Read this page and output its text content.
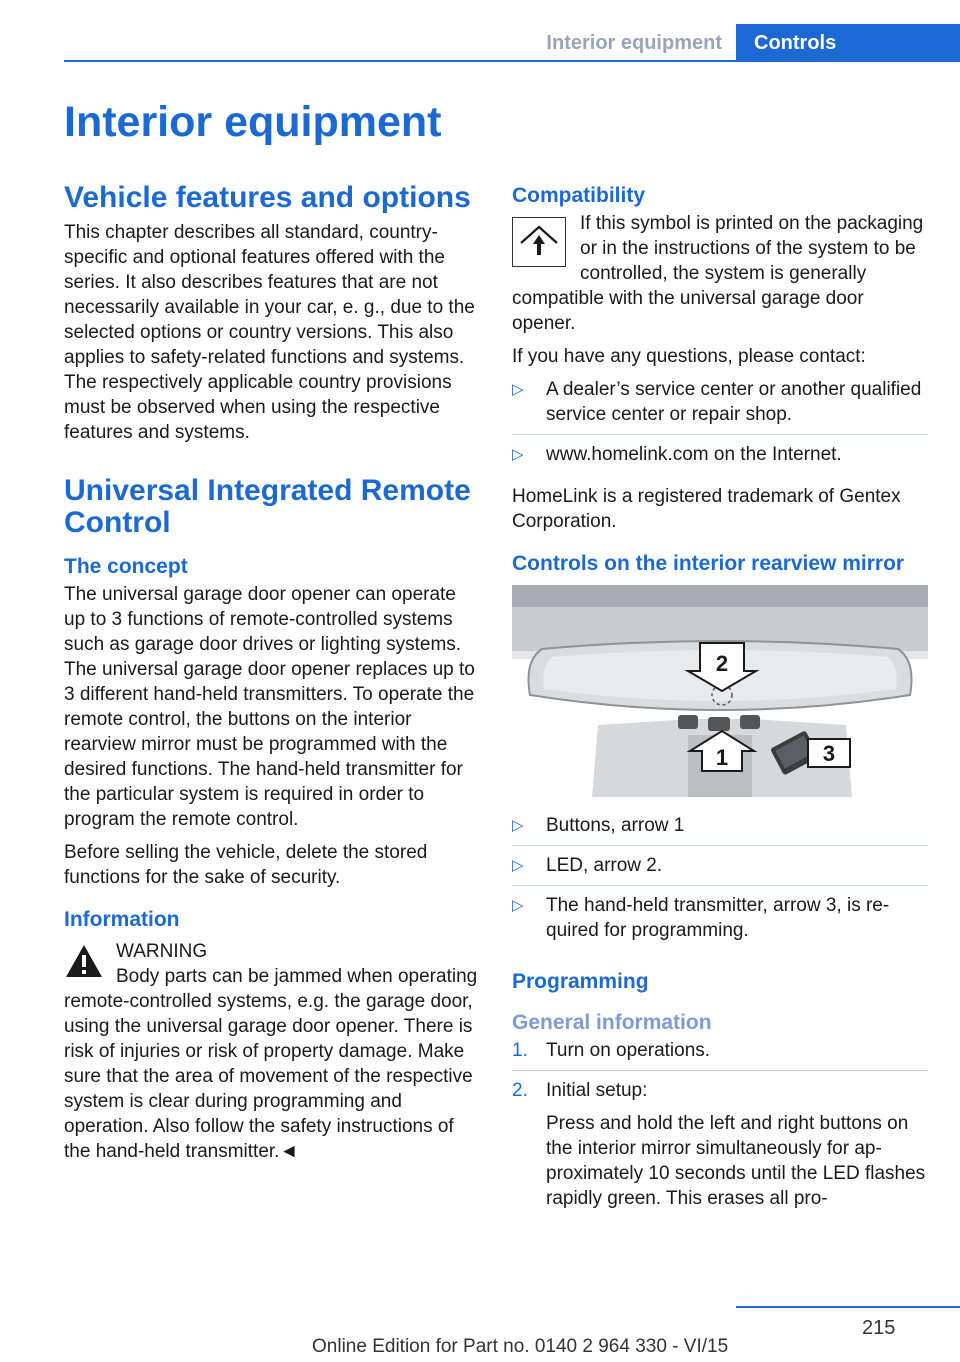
Interior equipment	Controls
Interior equipment
Vehicle features and options

This chapter describes all standard, country-specific and optional features offered with the series. It also describes features that are not necessarily available in your car, e. g., due to the selected options or country versions. This also applies to safety-related functions and systems. The respectively applicable country provisions must be observed when using the respective features and systems.

Universal Integrated Remote Control
The concept

The universal garage door opener can operate up to 3 functions of remote-controlled systems such as garage door drives or lighting systems. The universal garage door opener replaces up to 3 different hand-held transmitters. To operate the remote control, the buttons on the interior rearview mirror must be programmed with the desired functions. The hand-held transmitter for the particular system is required in order to program the remote control.

Before selling the vehicle, delete the stored functions for the sake of security.

Information
WARNING
Body parts can be jammed when operating remote-controlled systems, e.g. the garage door, using the universal garage door opener. There is risk of injuries or risk of property damage. Make sure that the area of movement of the respective system is clear during programming and operation. Also follow the safety instructions of the hand-held transmitter.◄
Compatibility

If this symbol is printed on the packaging or in the instructions of the system to be controlled, the system is generally compatible with the universal garage door opener.

If you have any questions, please contact:

▷ A dealer’s service center or another qualified service center or repair shop.
▷ www.homelink.com on the Internet.

HomeLink is a registered trademark of Gentex Corporation.

Controls on the interior rearview mirror
2
1	3
▷ Buttons, arrow 1
▷ LED, arrow 2.
▷ The hand-held transmitter, arrow 3, is required for programming.
Programming
General information
1. Turn on operations.
2. Initial setup:
Press and hold the left and right buttons on the interior mirror simultaneously for approximately 10 seconds until the LED flashes rapidly green. This erases all pro-
215
Online Edition for Part no. 0140 2 964 330 - VI/15
